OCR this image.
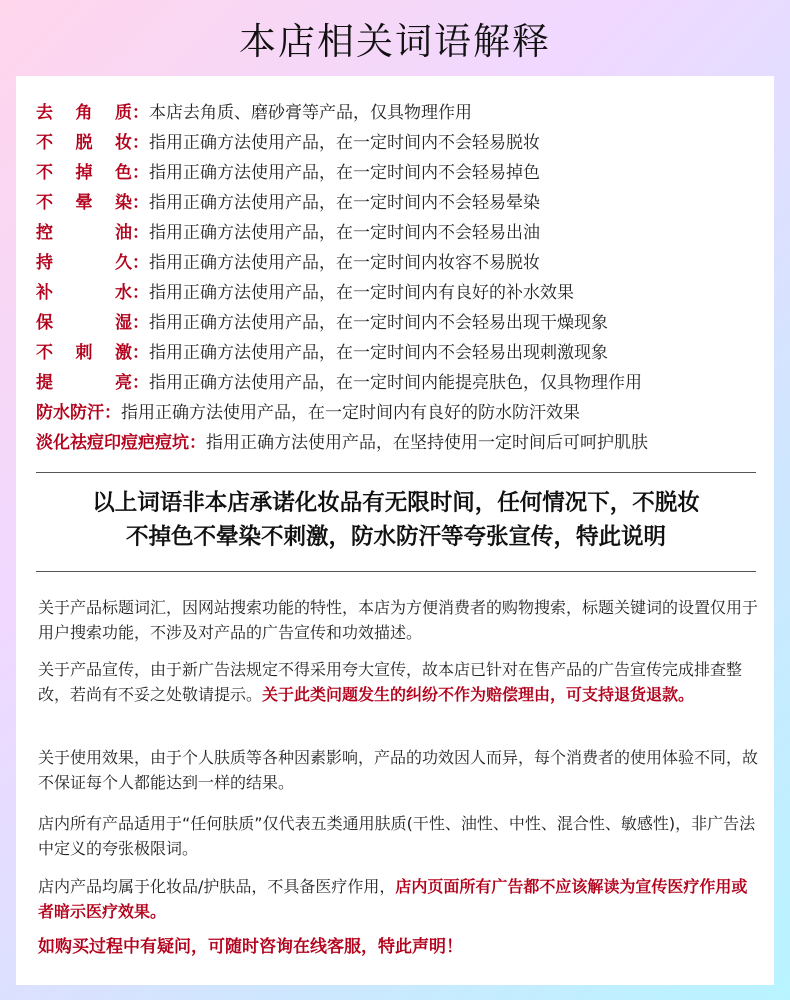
本店相关词语解释
去 角 质 ： 本店去角质、磨砂膏等产品，仅具物理作用
不 脱 妆 ： 指用正确方法使用产品，在一定时间内不会轻易脱妆
不 掉 色 ： 指用正确方法使用产品，在一定时间内不会轻易掉色
不 晕 染 ： 指用正确方法使用产品，在一定时间内不会轻易晕染
控	油 ： 指用正确方法使用产品，在一定时间内不会轻易出油
持	久 ： 指用正确方法使用产品，在一定时间内妆容不易脱妆
补	水 ： 指用正确方法使用产品，在一定时间内有良好的补水效果
保	湿 ： 指用正确方法使用产品，在一定时间内不会轻易出现干燥现象
不 刺 激 ： 指用正确方法使用产品，在一定时间内不会轻易出现刺激现象
提	亮 ： 指用正确方法使用产品，在一定时间内能提亮肤色，仅具物理作用
防水防汗 ： 指用正确方法使用产品，在一定时间内有良好的防水防汗效果
淡化祛痘印痘疤痘坑 ： 指用正确方法使用产品，在坚持使用一定时间后可呵护肌肤
以上词语非本店承诺化妆品有无限时间，任何情况下，不脱妆
不掉色不晕染不刺激，防水防汗等夸张宣传，特此说明
关于产品标题词汇，因网站搜索功能的特性，本店为方便消费者的购物搜索，标题关键词的设置仅用于用户搜索功能，不涉及对产品的广告宣传和功效描述。
关于产品宣传，由于新广告法规定不得采用夸大宣传，故本店已针对在售产品的广告宣传完成排查整改，若尚有不妥之处敬请提示。关于此类问题发生的纠纷不作为赔偿理由，可支持退货退款。
关于使用效果，由于个人肤质等各种因素影响，产品的功效因人而异，每个消费者的使用体验不同，故不保证每个人都能达到一样的结果。
店内所有产品适用于“任何肤质”仅代表五类通用肤质(干性、油性、中性、混合性、敏感性)，非广告法中定义的夸张极限词。
店内产品均属于化妆品/护肤品，不具备医疗作用，店内页面所有广告都不应该解读为宣传医疗作用或者暗示医疗效果。
如购买过程中有疑问，可随时咨询在线客服，特此声明！
